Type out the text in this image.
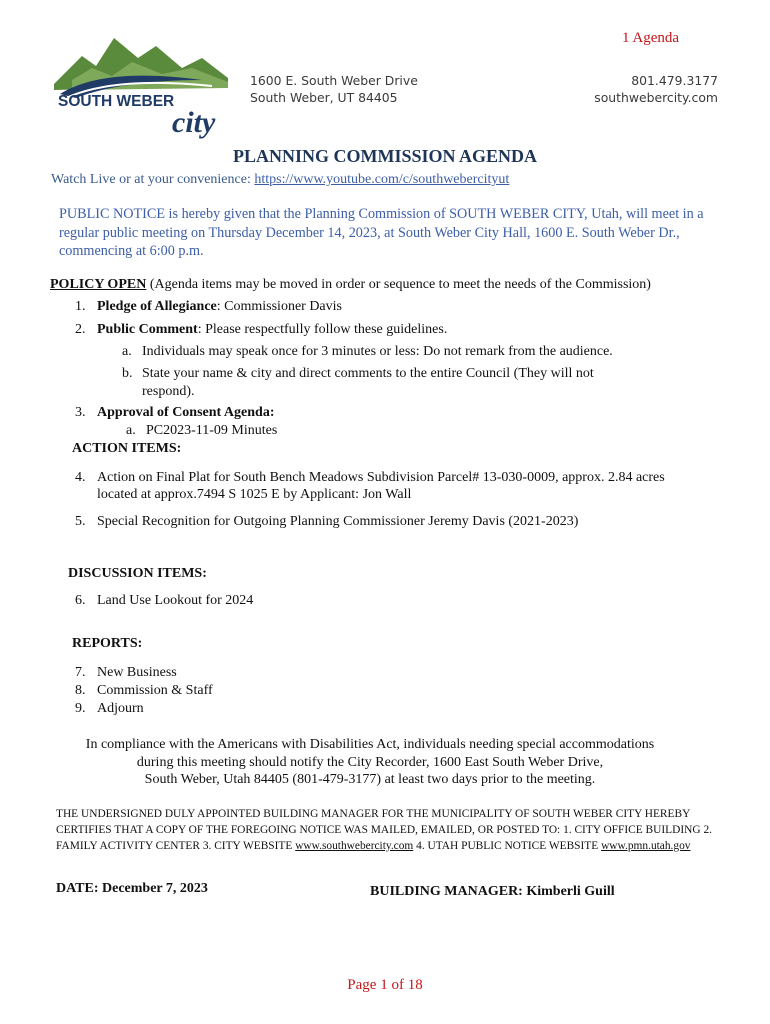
1 Agenda
SOUTH WEBER
city
1600 E. South Weber Drive
South Weber, UT 84405
801.479.3177
southwebercity.com
PLANNING COMMISSION AGENDA
Watch Live or at your convenience: https://www.youtube.com/c/southwebercityut
PUBLIC NOTICE is hereby given that the Planning Commission of SOUTH WEBER CITY, Utah, will meet in a regular public meeting on Thursday December 14, 2023, at South Weber City Hall, 1600 E. South Weber Dr., commencing at 6:00 p.m.
POLICY OPEN (Agenda items may be moved in order or sequence to meet the needs of the Commission)
1. Pledge of Allegiance: Commissioner Davis
2. Public Comment: Please respectfully follow these guidelines.
a. Individuals may speak once for 3 minutes or less: Do not remark from the audience.
b. State your name & city and direct comments to the entire Council (They will not
respond).
3. Approval of Consent Agenda:
a. PC2023-11-09 Minutes
ACTION ITEMS:
4. Action on Final Plat for South Bench Meadows Subdivision Parcel# 13-030-0009, approx. 2.84 acres
located at approx.7494 S 1025 E by Applicant: Jon Wall
5. Special Recognition for Outgoing Planning Commissioner Jeremy Davis (2021-2023)
DISCUSSION ITEMS:
6. Land Use Lookout for 2024
REPORTS:
7. New Business
8. Commission & Staff
9. Adjourn
In compliance with the Americans with Disabilities Act, individuals needing special accommodations
during this meeting should notify the City Recorder, 1600 East South Weber Drive,
South Weber, Utah 84405 (801-479-3177) at least two days prior to the meeting.
THE UNDERSIGNED DULY APPOINTED BUILDING MANAGER FOR THE MUNICIPALITY OF SOUTH WEBER CITY HEREBY CERTIFIES THAT A COPY OF THE FOREGOING NOTICE WAS MAILED, EMAILED, OR POSTED TO: 1. CITY OFFICE BUILDING 2. FAMILY ACTIVITY CENTER 3. CITY WEBSITE www.southwebercity.com 4. UTAH PUBLIC NOTICE WEBSITE www.pmn.utah.gov
DATE: December 7, 2023	BUILDING MANAGER: Kimberli Guill
Page 1 of 18
